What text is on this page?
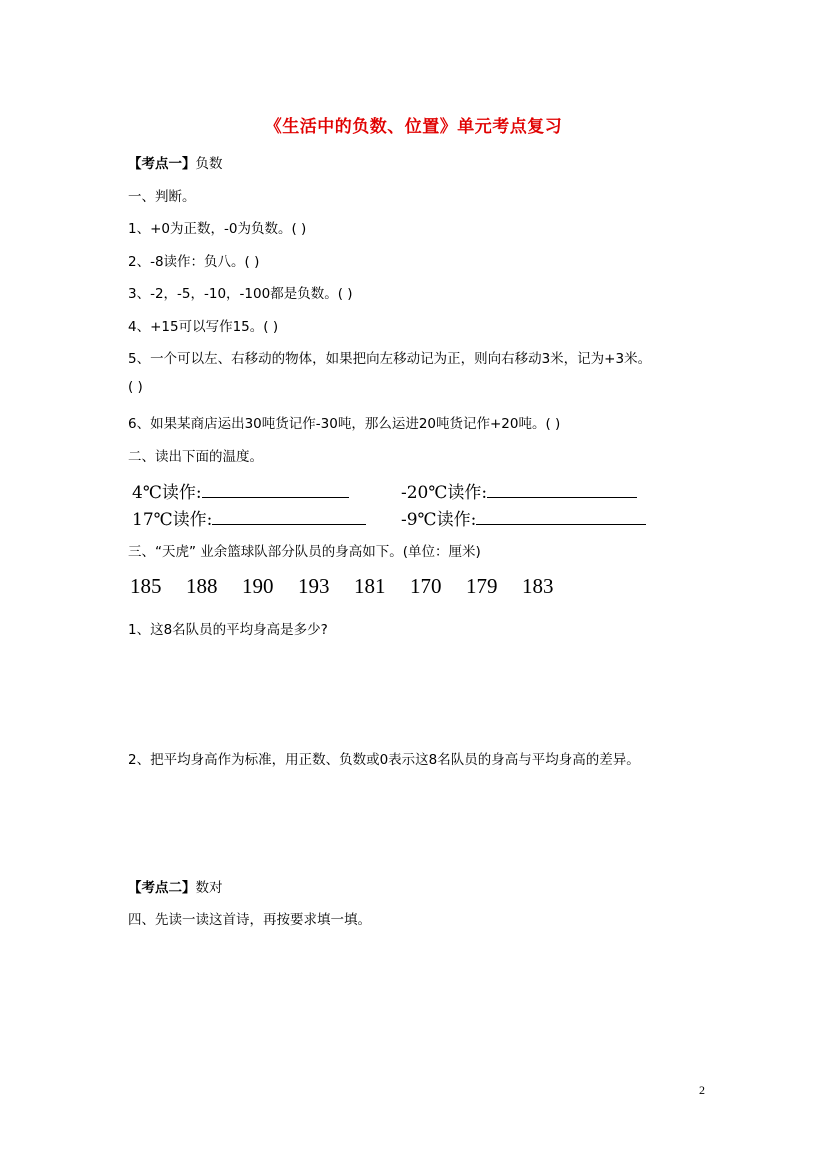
《生活中的负数、位置》单元考点复习
【考点一】负数
一、判断。
1、+0为正数，-0为负数。( )
2、-8读作：负八。( )
3、-2，-5，-10，-100都是负数。( )
4、+15可以写作15。( )
5、一个可以左、右移动的物体，如果把向左移动记为正，则向右移动3米，记为+3米。
( )
6、如果某商店运出30吨货记作-30吨，那么运进20吨货记作+20吨。( )
二、读出下面的温度。
4℃读作:	-20℃读作:
17℃读作:	-9℃读作:
三、“天虎” 业余篮球队部分队员的身高如下。(单位：厘米)
185 188 190 193 181 170 179 183
1、这8名队员的平均身高是多少?
2、把平均身高作为标准，用正数、负数或0表示这8名队员的身高与平均身高的差异。
【考点二】数对
四、先读一读这首诗，再按要求填一填。
2
